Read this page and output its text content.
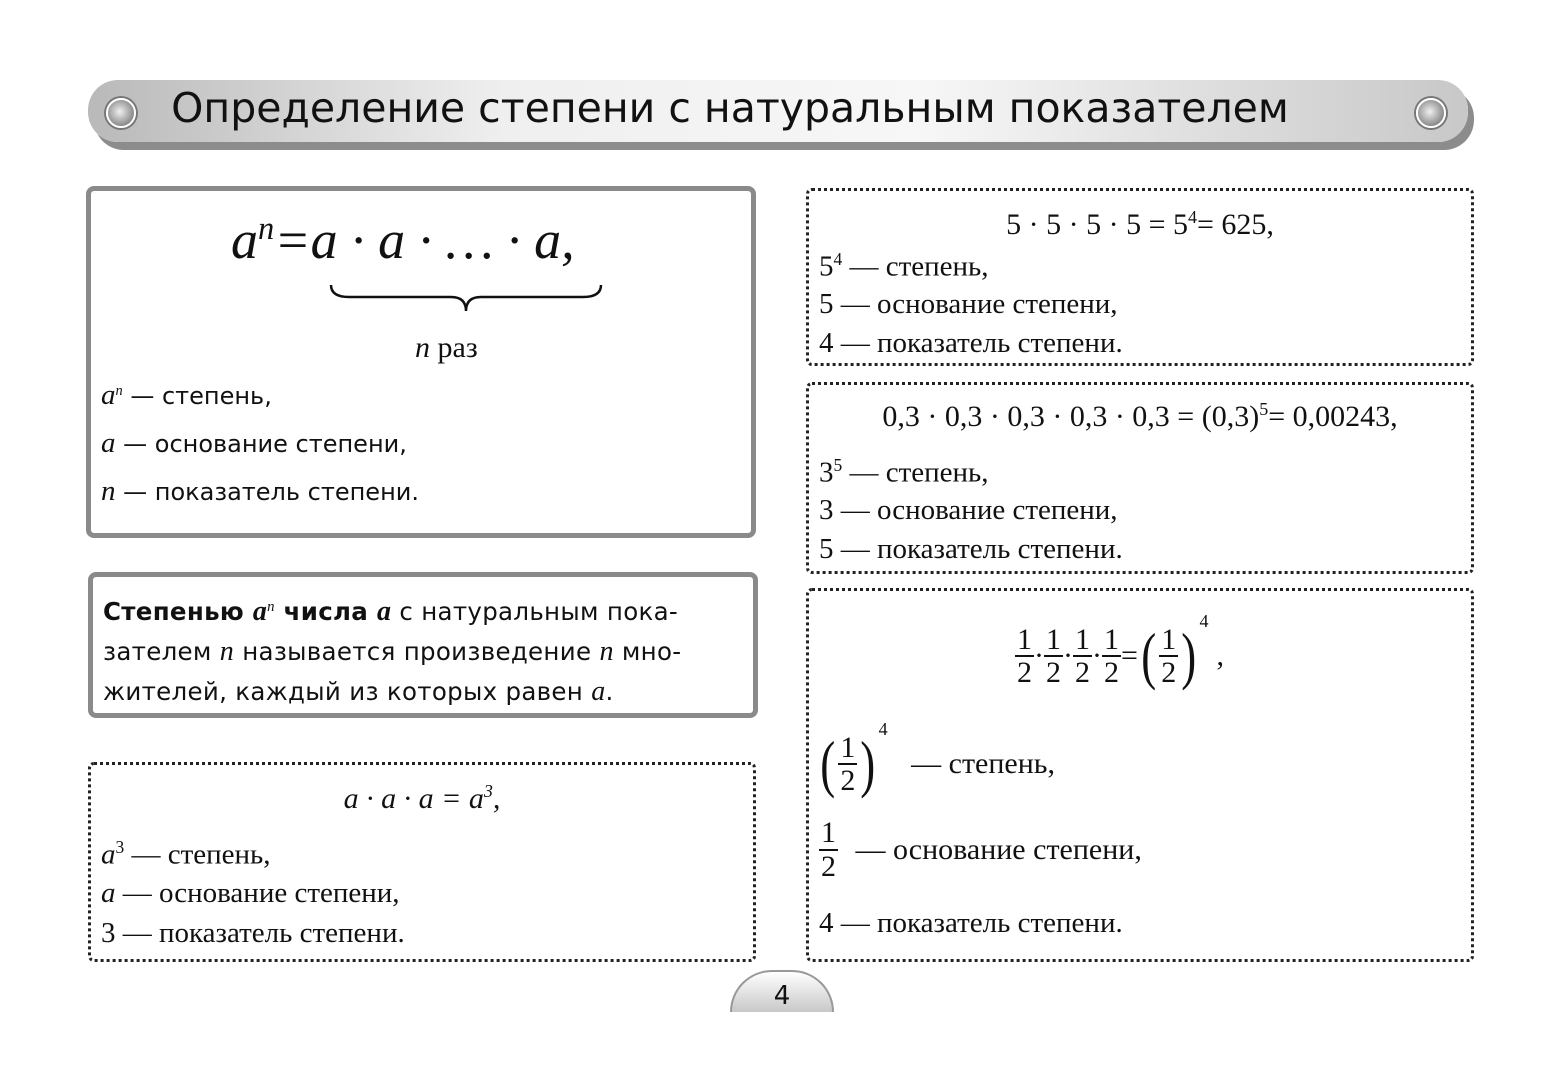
Определение степени с натуральным показателем
$a^n=a \cdot a$ · … · a,
n раз
$a^n$ — степень,
a — основание степени,
n — показатель степени.
Степенью $a^n$ числа a с натуральным пока-
зателем n называется произведение n мно-
жителей, каждый из которых равен a.
$a \cdot a \cdot a = a^3$,
$a^3$ — степень,
a — основание степени,
3 — показатель степени.
$5 \cdot 5 \cdot 5 \cdot 5 = 5^4= 625$,
$5^4$ — степень,
5 — основание степени,
4 — показатель степени.
$0,3 \cdot 0,3 \cdot 0,3 \cdot 0,3 \cdot 0,3 = (0,3)^5= 0,00243$,
$3^5$ — степень,
3 — основание степени,
5 — показатель степени.
$\frac{1}{2} \cdot \frac{1}{2} \cdot \frac{1}{2} \cdot \frac{1}{2}$ =( $\frac{1}{2}$ ) $^4$,
( $\frac{1}{2}$ ) $^4$ — степень,
$\frac{1}{2}$ — основание степени,
4 — показатель степени.
4
